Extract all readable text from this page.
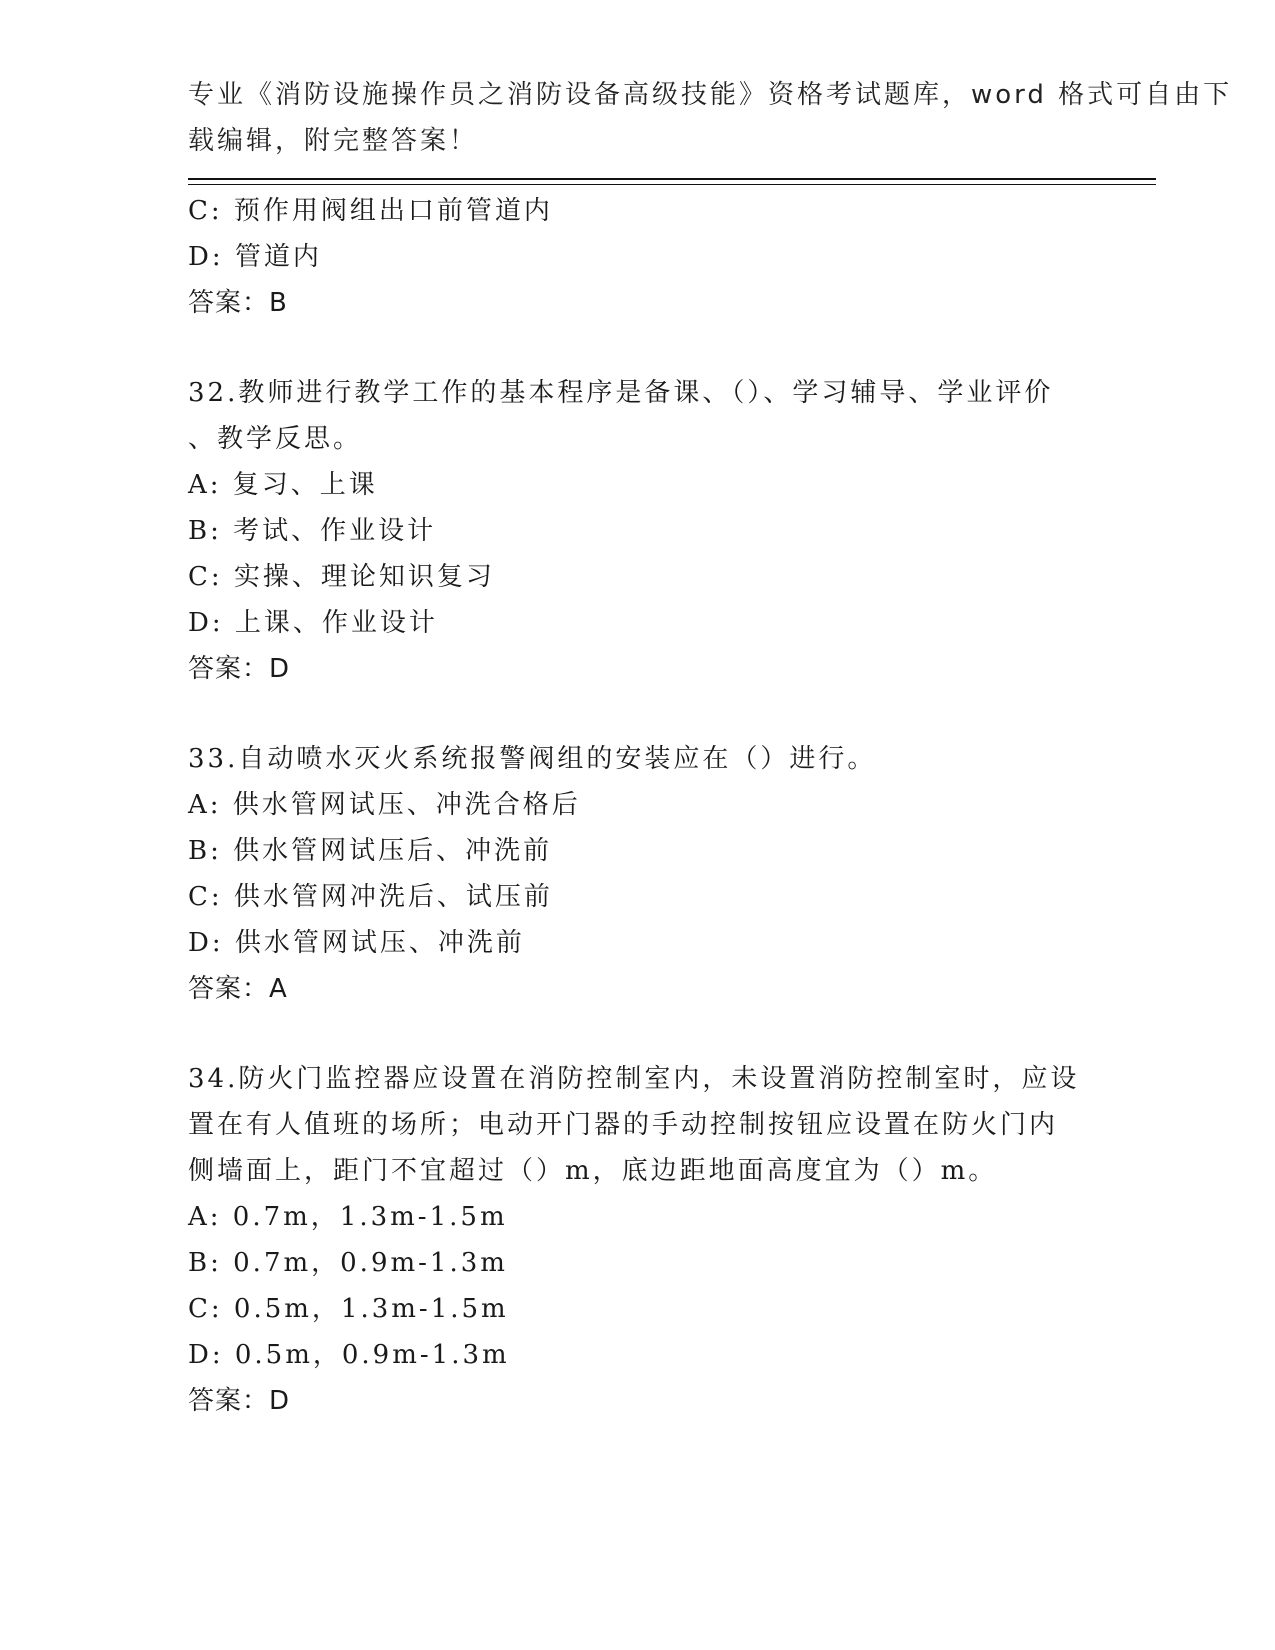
专业《消防设施操作员之消防设备高级技能》资格考试题库，word 格式可自由下
载编辑，附完整答案！
C: 预作用阀组出口前管道内
D: 管道内
答案：B
32.教师进行教学工作的基本程序是备课、（）、学习辅导、学业评价
、教学反思。
A: 复习、上课
B: 考试、作业设计
C: 实操、理论知识复习
D: 上课、作业设计
答案：D
33.自动喷水灭火系统报警阀组的安装应在（）进行。
A: 供水管网试压、冲洗合格后
B: 供水管网试压后、冲洗前
C: 供水管网冲洗后、试压前
D: 供水管网试压、冲洗前
答案：A
34.防火门监控器应设置在消防控制室内，未设置消防控制室时，应设
置在有人值班的场所；电动开门器的手动控制按钮应设置在防火门内
侧墙面上，距门不宜超过（）m，底边距地面高度宜为（）m。
A: 0.7m，1.3m-1.5m
B: 0.7m，0.9m-1.3m
C: 0.5m，1.3m-1.5m
D: 0.5m，0.9m-1.3m
答案：D
